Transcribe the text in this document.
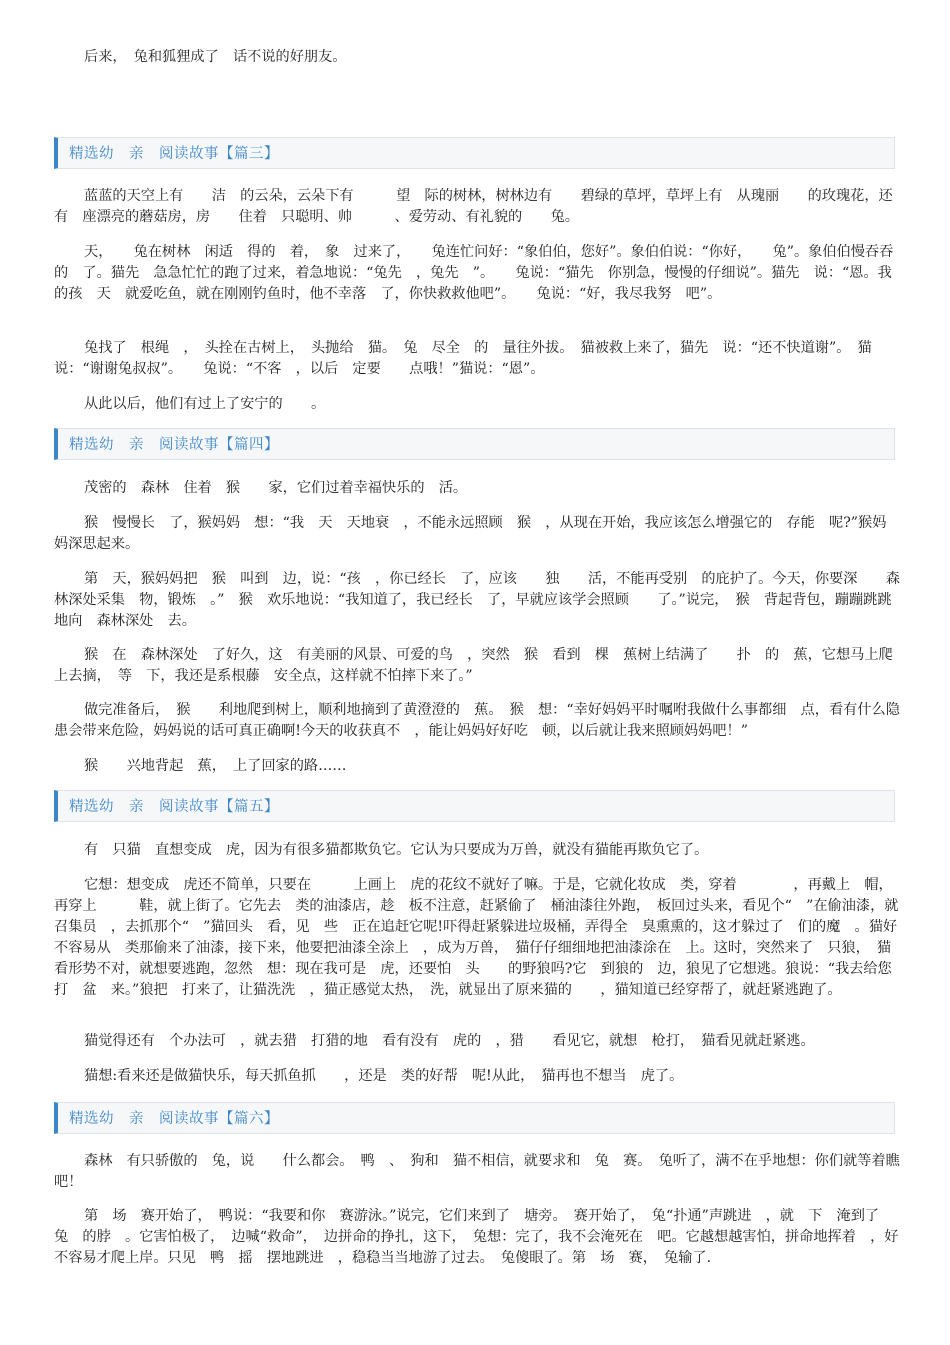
后来，　兔和狐狸成了　话不说的好朋友。

精选幼　亲　阅读故事【篇三】

蓝蓝的天空上有　　洁　的云朵，云朵下有　　　望　际的树林，树林边有　　碧绿的草坪，草坪上有　从瑰丽　　的玫瑰花，还有　座漂亮的蘑菇房，房　　住着　只聪明、帅　　　、爱劳动、有礼貌的　　兔。

天，　　兔在树林　闲适　得的　着，　象　过来了，　　兔连忙问好：“象伯伯，您好”。象伯伯说：“你好，　　兔”。象伯伯慢吞吞的　了。猫先　急急忙忙的跑了过来，着急地说：“兔先　，兔先　”。　　兔说：“猫先　你别急，慢慢的仔细说”。猫先　说：“恩。我的孩　天　就爱吃鱼，就在刚刚钓鱼时，他不幸落　了，你快救救他吧”。　　兔说：“好，我尽我努　吧”。

兔找了　根绳　，　头拴在古树上，　头抛给　猫。　兔　尽全　的　量往外拔。　猫被救上来了，猫先　说：“还不快道谢”。　猫说：“谢谢兔叔叔”。　　兔说：“不客　，以后　定要　　点哦！”猫说：“恩”。

从此以后，他们有过上了安宁的　　。

精选幼　亲　阅读故事【篇四】

茂密的　森林　住着　猴　　家，它们过着幸福快乐的　活。

猴　慢慢长　了，猴妈妈　想：“我　天　天地衰　，不能永远照顾　猴　，从现在开始，我应该怎么增强它的　存能　呢?”猴妈妈深思起来。

第　天，猴妈妈把　猴　叫到　边，说：“孩　，你已经长　了，应该　　独　　活，不能再受别　的庇护了。今天，你要深　　森林深处采集　物，锻炼　。”　猴　欢乐地说：“我知道了，我已经长　了，早就应该学会照顾　　了。”说完，　猴　背起背包，蹦蹦跳跳地向　森林深处　去。

猴　在　森林深处　了好久，这　有美丽的风景、可爱的鸟　，突然　猴　看到　棵　蕉树上结满了　　扑　的　蕉，它想马上爬上去摘，　等　下，我还是系根藤　安全点，这样就不怕摔下来了。”

做完准备后，　猴　　利地爬到树上，顺利地摘到了黄澄澄的　蕉。　猴　想：“幸好妈妈平时嘱咐我做什么事都细　点，看有什么隐患会带来危险，妈妈说的话可真正确啊!今天的收获真不　，能让妈妈好好吃　顿，以后就让我来照顾妈妈吧！”

猴　　兴地背起　蕉，　上了回家的路……

精选幼　亲　阅读故事【篇五】

有　只猫　直想变成　虎，因为有很多猫都欺负它。它认为只要成为万兽，就没有猫能再欺负它了。

它想：想变成　虎还不简单，只要在　　　上画上　虎的花纹不就好了嘛。于是，它就化妆成　类，穿着　　　　，再戴上　帽，再穿上　　　鞋，就上街了。它先去　类的油漆店，趁　板不注意，赶紧偷了　桶油漆往外跑，　板回过头来，看见个“　”在偷油漆，就召集员　，去抓那个“　”猫回头　看，见　些　正在追赶它呢!吓得赶紧躲进垃圾桶，弄得全　臭熏熏的，这才躲过了　们的魔　。猫好不容易从　类那偷来了油漆，接下来，他要把油漆全涂上　，成为万兽，　猫仔仔细细地把油漆涂在　上。这时，突然来了　只狼，　猫看形势不对，就想要逃跑，忽然　想：现在我可是　虎，还要怕　头　　的野狼吗?它　到狼的　边，狼见了它想逃。狼说：“我去给您打　盆　来。”狼把　打来了，让猫洗洗　，猫正感觉太热，　洗，就显出了原来猫的　　，猫知道已经穿帮了，就赶紧逃跑了。

猫觉得还有　个办法可　，就去猎　打猎的地　看有没有　虎的　，猎　　看见它，就想　枪打，　猫看见就赶紧逃。

猫想:看来还是做猫快乐，每天抓鱼抓　　，还是　类的好帮　呢!从此，　猫再也不想当　虎了。

精选幼　亲　阅读故事【篇六】

森林　有只骄傲的　兔，说　　什么都会。　鸭　、　狗和　猫不相信，就要求和　兔　赛。　兔听了，满不在乎地想：你们就等着瞧吧！

第　场　赛开始了，　鸭说：“我要和你　赛游泳。”说完，它们来到了　塘旁。　赛开始了，　兔“扑通”声跳进　，就　下　淹到了　兔　的脖　。它害怕极了，　边喊“救命”，　边拼命的挣扎，这下，　兔想：完了，我不会淹死在　吧。它越想越害怕，拼命地挥着　，好不容易才爬上岸。只见　鸭　摇　摆地跳进　，稳稳当当地游了过去。　兔傻眼了。第　场　赛，　兔输了.
